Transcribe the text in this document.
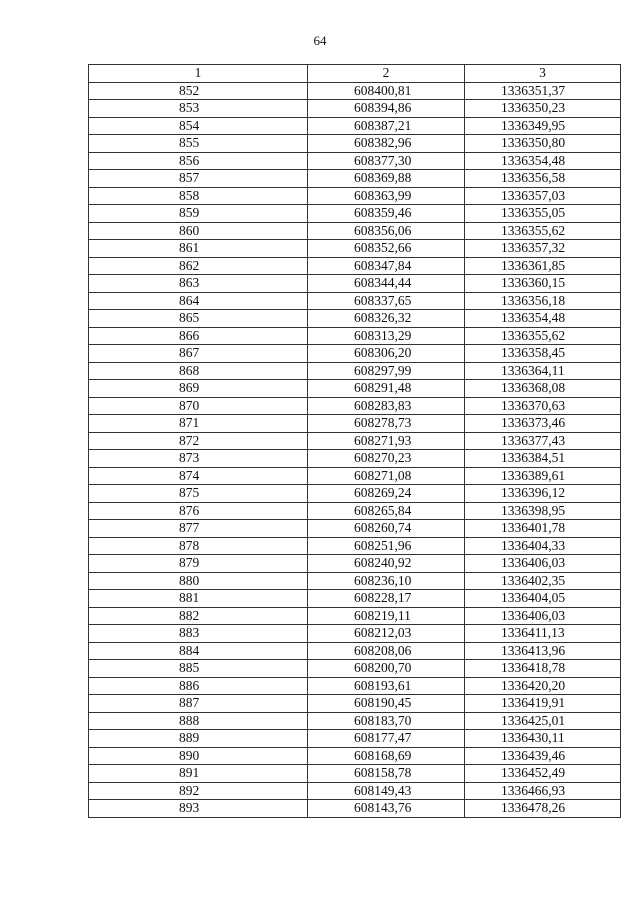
64
1	2	3
852	608400,81	1336351,37
853	608394,86	1336350,23
854	608387,21	1336349,95
855	608382,96	1336350,80
856	608377,30	1336354,48
857	608369,88	1336356,58
858	608363,99	1336357,03
859	608359,46	1336355,05
860	608356,06	1336355,62
861	608352,66	1336357,32
862	608347,84	1336361,85
863	608344,44	1336360,15
864	608337,65	1336356,18
865	608326,32	1336354,48
866	608313,29	1336355,62
867	608306,20	1336358,45
868	608297,99	1336364,11
869	608291,48	1336368,08
870	608283,83	1336370,63
871	608278,73	1336373,46
872	608271,93	1336377,43
873	608270,23	1336384,51
874	608271,08	1336389,61
875	608269,24	1336396,12
876	608265,84	1336398,95
877	608260,74	1336401,78
878	608251,96	1336404,33
879	608240,92	1336406,03
880	608236,10	1336402,35
881	608228,17	1336404,05
882	608219,11	1336406,03
883	608212,03	1336411,13
884	608208,06	1336413,96
885	608200,70	1336418,78
886	608193,61	1336420,20
887	608190,45	1336419,91
888	608183,70	1336425,01
889	608177,47	1336430,11
890	608168,69	1336439,46
891	608158,78	1336452,49
892	608149,43	1336466,93
893	608143,76	1336478,26
